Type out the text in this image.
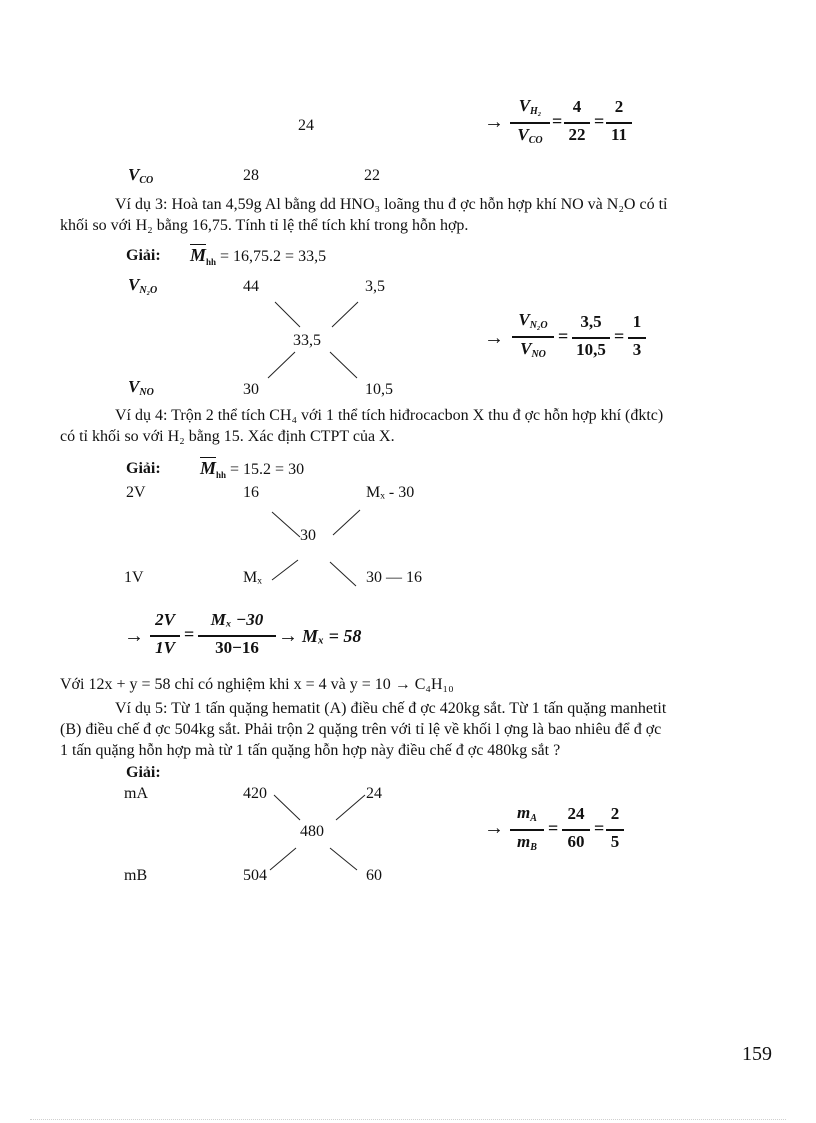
24	→
$V_{H_2}$
$V_{CO}$
=
4
22
=
2
11
$V_{CO}$	28	22
Ví dụ 3: Hoà tan 4,59g Al bằng dd HNO₃ loãng thu đ ợc hỗn hợp khí NO và N₂O có tỉ
khối so với H₂ bằng 16,75. Tính tỉ lệ thể tích khí trong hỗn hợp.
Giải: $M_{hh} = 16,75.2 = 33,5$
$V_{N_2O}$	44	3,5
33,5
$V_{NO}$	30	10,5
→
$V_{N_2O}$
$V_{NO}$
=
3,5
10,5
=
1
3
Ví dụ 4: Trộn 2 thể tích CH₄ với 1 thể tích hiđrocacbon X thu đ ợc hỗn hợp khí (đktc)
có tỉ khối so với H₂ bằng 15. Xác định CTPT của X.
Giải: $M_{hh} = 15.2 = 30$
2V	16	Mₓ - 30
30
1V	Mₓ	30 — 16
→
2V
1V
=
Mₓ −30
30−16
→ Mₓ = 58
Với 12x + y = 58 chỉ có nghiệm khi x = 4 và y = 10 → C₄H₁₀
Ví dụ 5: Từ 1 tấn quặng hematit (A) điều chế đ ợc 420kg sắt. Từ 1 tấn quặng manhetit
(B) điều chế đ ợc 504kg sắt. Phải trộn 2 quặng trên với tỉ lệ về khối l ợng là bao nhiêu để đ ợc
1 tấn quặng hỗn hợp mà từ 1 tấn quặng hỗn hợp này điều chế đ ợc 480kg sắt ?
Giải:
mA	420	24
480
mB	504	60
→
$m_A$
$m_B$
=
24
60
=
2
5
159
